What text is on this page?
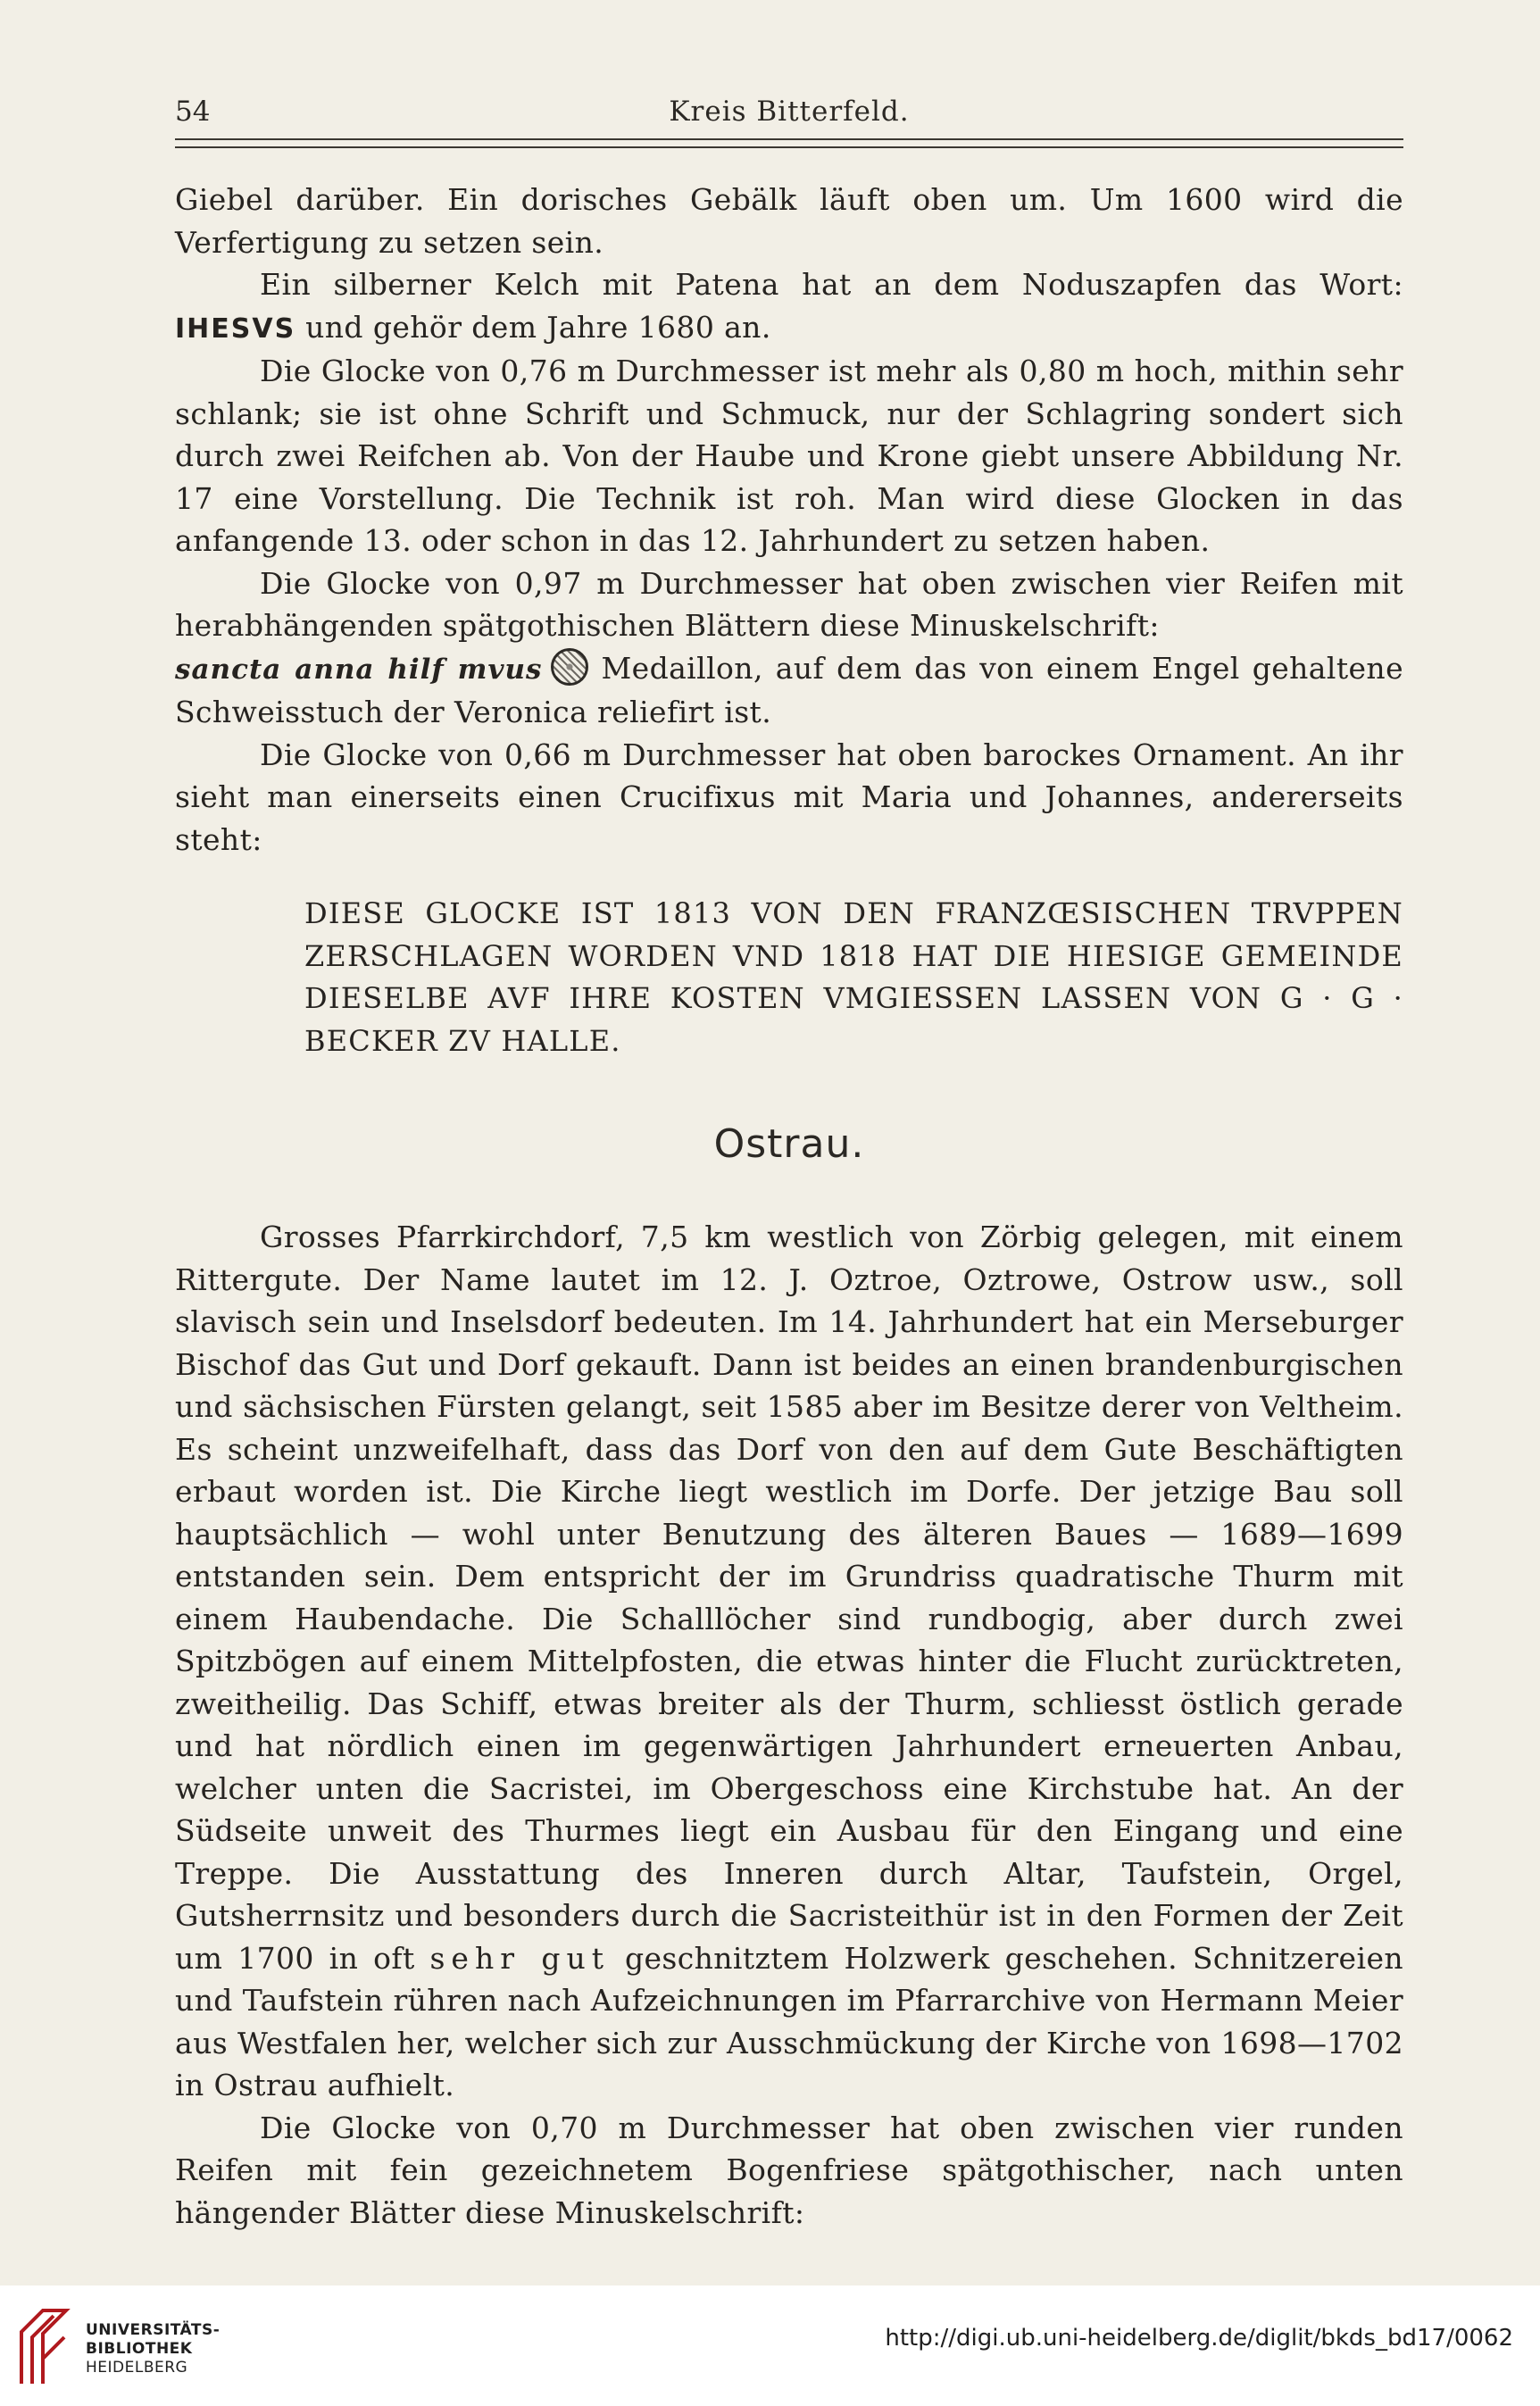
54	Kreis Bitterfeld.

Giebel darüber. Ein dorisches Gebälk läuft oben um. Um 1600 wird die Verfertigung zu setzen sein.

Ein silberner Kelch mit Patena hat an dem Noduszapfen das Wort: IHESVS und gehör dem Jahre 1680 an.

Die Glocke von 0,76 m Durchmesser ist mehr als 0,80 m hoch, mithin sehr schlank; sie ist ohne Schrift und Schmuck, nur der Schlagring sondert sich durch zwei Reifchen ab. Von der Haube und Krone giebt unsere Abbildung Nr. 17 eine Vorstellung. Die Technik ist roh. Man wird diese Glocken in das anfangende 13. oder schon in das 12. Jahrhundert zu setzen haben.

Die Glocke von 0,97 m Durchmesser hat oben zwischen vier Reifen mit herabhängenden spätgothischen Blättern diese Minuskelschrift:

sancta anna hilf mvus Medaillon, auf dem das von einem Engel gehaltene Schweisstuch der Veronica reliefirt ist.

Die Glocke von 0,66 m Durchmesser hat oben barockes Ornament. An ihr sieht man einerseits einen Crucifixus mit Maria und Johannes, andererseits steht:

DIESE GLOCKE IST 1813 VON DEN FRANZŒSISCHEN TRVPPEN
ZERSCHLAGEN WORDEN VND 1818 HAT DIE HIESIGE GEMEINDE
DIESELBE AVF IHRE KOSTEN VMGIESSEN LASSEN VON G · G ·
BECKER ZV HALLE.
Ostrau.

Grosses Pfarrkirchdorf, 7,5 km westlich von Zörbig gelegen, mit einem Rittergute. Der Name lautet im 12. J. Oztroe, Oztrowe, Ostrow usw., soll slavisch sein und Inselsdorf bedeuten. Im 14. Jahrhundert hat ein Merseburger Bischof das Gut und Dorf gekauft. Dann ist beides an einen brandenburgischen und sächsischen Fürsten gelangt, seit 1585 aber im Besitze derer von Veltheim. Es scheint unzweifelhaft, dass das Dorf von den auf dem Gute Beschäftigten erbaut worden ist. Die Kirche liegt westlich im Dorfe. Der jetzige Bau soll hauptsächlich — wohl unter Benutzung des älteren Baues — 1689—1699 entstanden sein. Dem entspricht der im Grundriss quadratische Thurm mit einem Haubendache. Die Schalllöcher sind rundbogig, aber durch zwei Spitzbögen auf einem Mittelpfosten, die etwas hinter die Flucht zurücktreten, zweitheilig. Das Schiff, etwas breiter als der Thurm, schliesst östlich gerade und hat nördlich einen im gegenwärtigen Jahrhundert erneuerten Anbau, welcher unten die Sacristei, im Obergeschoss eine Kirchstube hat. An der Südseite unweit des Thurmes liegt ein Ausbau für den Eingang und eine Treppe. Die Ausstattung des Inneren durch Altar, Taufstein, Orgel, Gutsherrnsitz und besonders durch die Sacristeithür ist in den Formen der Zeit um 1700 in oft sehr gut geschnitztem Holzwerk geschehen. Schnitzereien und Taufstein rühren nach Aufzeichnungen im Pfarrarchive von Hermann Meier aus Westfalen her, welcher sich zur Ausschmückung der Kirche von 1698—1702 in Ostrau aufhielt.

Die Glocke von 0,70 m Durchmesser hat oben zwischen vier runden Reifen mit fein gezeichnetem Bogenfriese spätgothischer, nach unten hängender Blätter diese Minuskelschrift:

UNIVERSITÄTS-
BIBLIOTHEK
HEIDELBERG
http://digi.ub.uni-heidelberg.de/diglit/bkds_bd17/0062
